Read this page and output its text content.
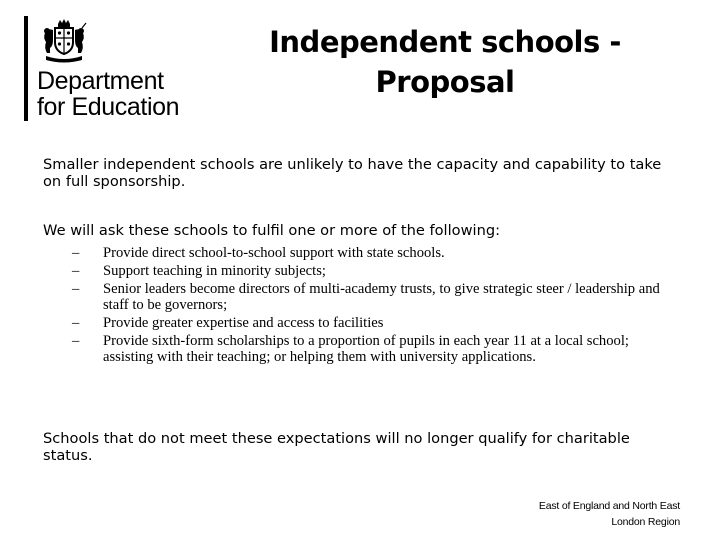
Department
for Education
Independent schools -
Proposal
Smaller independent schools are unlikely to have the capacity and capability to take on full sponsorship.
We will ask these schools to fulfil one or more of the following:
– Provide direct school-to-school support with state schools.
– Support teaching in minority subjects;
– Senior leaders become directors of multi-academy trusts, to give strategic steer / leadership and staff to be governors;
– Provide greater expertise and access to facilities
– Provide sixth-form scholarships to a proportion of pupils in each year 11 at a local school; assisting with their teaching; or helping them with university applications.
Schools that do not meet these expectations will no longer qualify for charitable status.
East of England and North East
London Region
